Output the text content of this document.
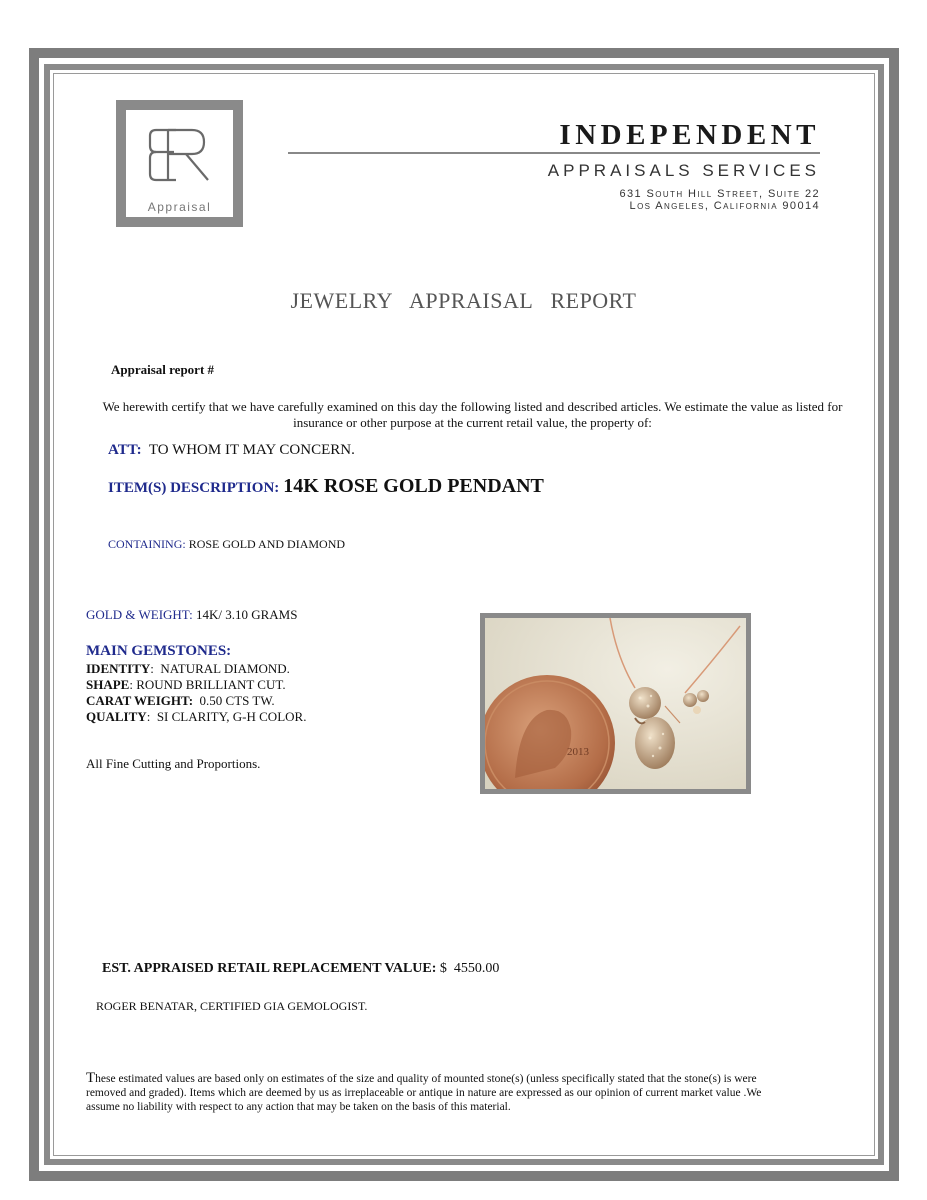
Appraisal
INDEPENDENT
APPRAISALS SERVICES
631 South Hill Street, Suite 22
Los Angeles, California 90014
JEWELRY APPRAISAL REPORT
Appraisal report #
We herewith certify that we have carefully examined on this day the following listed and described articles. We estimate the value as listed for insurance or other purpose at the current retail value, the property of:
ATT: TO WHOM IT MAY CONCERN.
ITEM(S) DESCRIPTION: 14K ROSE GOLD PENDANT
CONTAINING: ROSE GOLD AND DIAMOND
GOLD & WEIGHT: 14K/ 3.10 GRAMS
MAIN GEMSTONES:
IDENTITY:  NATURAL DIAMOND.
SHAPE: ROUND BRILLIANT CUT.
CARAT WEIGHT: 0.50 CTS TW.
QUALITY:  SI CLARITY, G-H COLOR.
All Fine Cutting and Proportions.
2013
EST. APPRAISED RETAIL REPLACEMENT VALUE: $ 4550.00
ROGER BENATAR, CERTIFIED GIA GEMOLOGIST.
These estimated values are based only on estimates of the size and quality of mounted stone(s) (unless specifically stated that the stone(s) is were removed and graded). Items which are deemed by us as irreplaceable or antique in nature are expressed as our opinion of current market value .We assume no liability with respect to any action that may be taken on the basis of this material.
